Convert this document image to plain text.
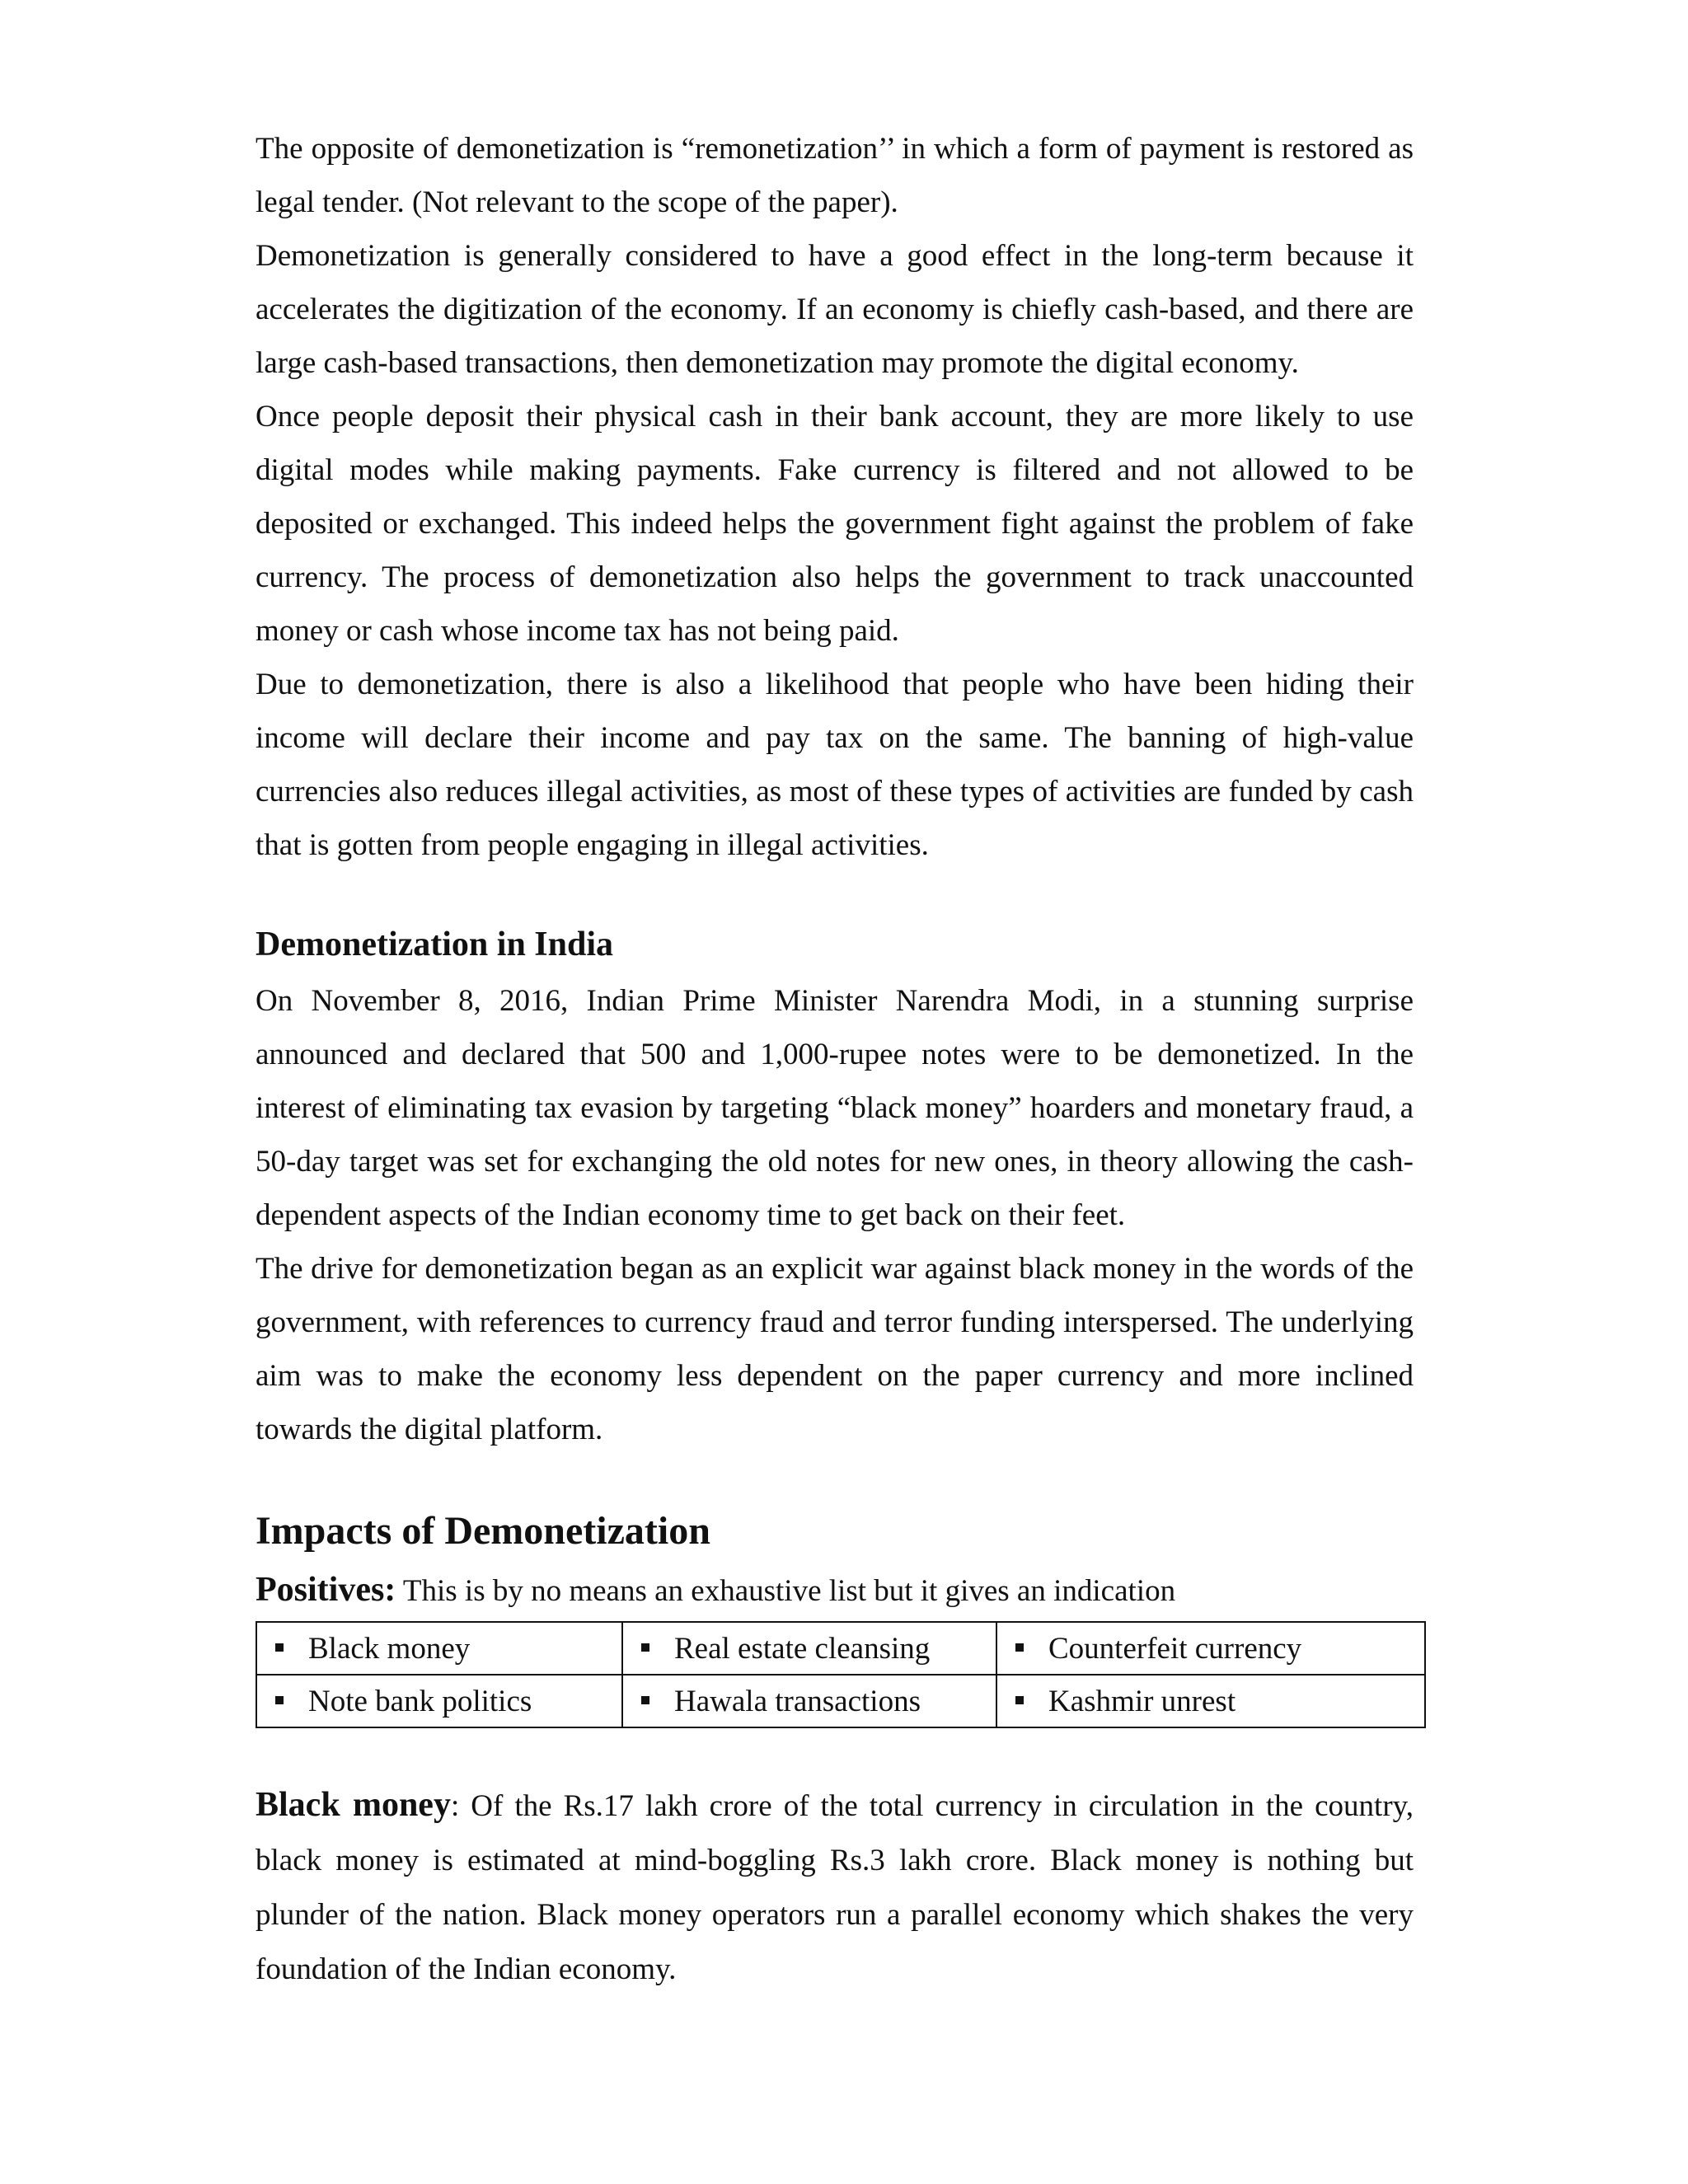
The opposite of demonetization is “remonetization’’ in which a form of payment is restored as legal tender. (Not relevant to the scope of the paper).

Demonetization is generally considered to have a good effect in the long-term because it accelerates the digitization of the economy. If an economy is chiefly cash-based, and there are large cash-based transactions, then demonetization may promote the digital economy.

Once people deposit their physical cash in their bank account, they are more likely to use digital modes while making payments. Fake currency is filtered and not allowed to be deposited or exchanged. This indeed helps the government fight against the problem of fake currency. The process of demonetization also helps the government to track unaccounted money or cash whose income tax has not being paid.

Due to demonetization, there is also a likelihood that people who have been hiding their income will declare their income and pay tax on the same. The banning of high-value currencies also reduces illegal activities, as most of these types of activities are funded by cash that is gotten from people engaging in illegal activities.

Demonetization in India

On November 8, 2016, Indian Prime Minister Narendra Modi, in a stunning surprise announced and declared that 500 and 1,000-rupee notes were to be demonetized. In the interest of eliminating tax evasion by targeting “black money” hoarders and monetary fraud, a 50-day target was set for exchanging the old notes for new ones, in theory allowing the cash-dependent aspects of the Indian economy time to get back on their feet.

The drive for demonetization began as an explicit war against black money in the words of the government, with references to currency fraud and terror funding interspersed. The underlying aim was to make the economy less dependent on the paper currency and more inclined towards the digital platform.

Impacts of Demonetization

Positives: This is by no means an exhaustive list but it gives an indication

Black money	Real estate cleansing	Counterfeit currency
Note bank politics	Hawala transactions	Kashmir unrest

Black money: Of the Rs.17 lakh crore of the total currency in circulation in the country, black money is estimated at mind-boggling Rs.3 lakh crore. Black money is nothing but plunder of the nation. Black money operators run a parallel economy which shakes the very foundation of the Indian economy.
